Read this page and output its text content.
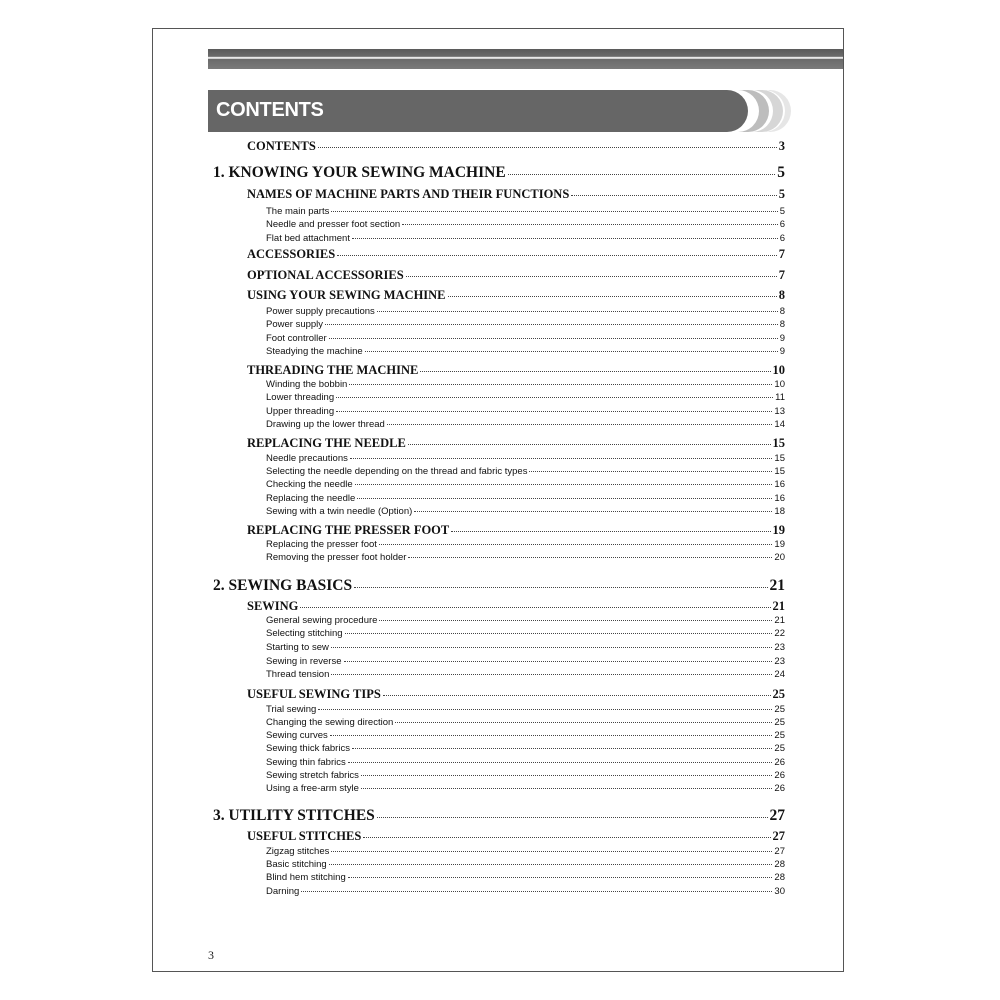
CONTENTS
CONTENTS	3
1. KNOWING YOUR SEWING MACHINE	5
NAMES OF MACHINE PARTS AND THEIR FUNCTIONS	5
The main parts	5
Needle and presser foot section	6
Flat bed attachment	6
ACCESSORIES	7
OPTIONAL ACCESSORIES	7
USING YOUR SEWING MACHINE	8
Power supply precautions	8
Power supply	8
Foot controller	9
Steadying the machine	9
THREADING THE MACHINE	10
Winding the bobbin	10
Lower threading	11
Upper threading	13
Drawing up the lower thread	14
REPLACING THE NEEDLE	15
Needle precautions	15
Selecting the needle depending on the thread and fabric types	15
Checking the needle	16
Replacing the needle	16
Sewing with a twin needle (Option)	18
REPLACING THE PRESSER FOOT	19
Replacing the presser foot	19
Removing the presser foot holder	20
2. SEWING BASICS	21
SEWING	21
General sewing procedure	21
Selecting stitching	22
Starting to sew	23
Sewing in reverse	23
Thread tension	24
USEFUL SEWING TIPS	25
Trial sewing	25
Changing the sewing direction	25
Sewing curves	25
Sewing thick fabrics	25
Sewing thin fabrics	26
Sewing stretch fabrics	26
Using a free-arm style	26
3. UTILITY STITCHES	27
USEFUL STITCHES	27
Zigzag stitches	27
Basic stitching	28
Blind hem stitching	28
Darning	30
3
